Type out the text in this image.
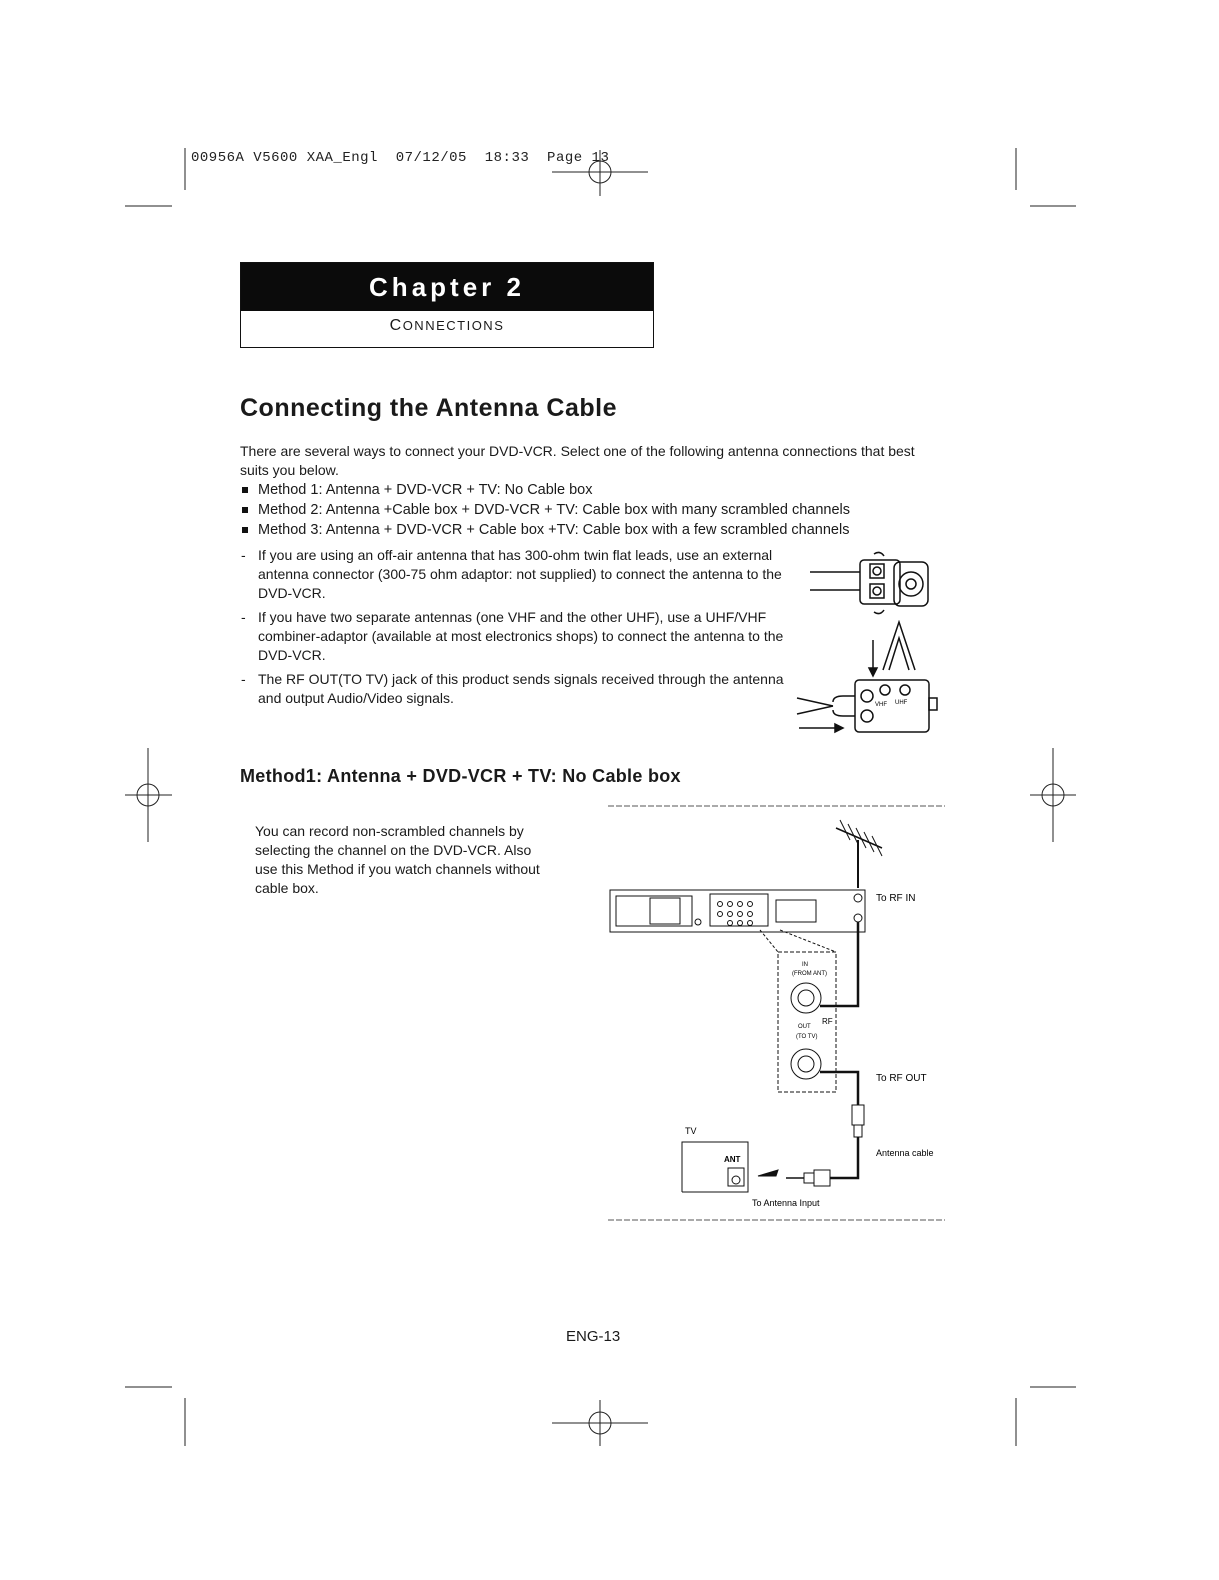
00956A V5600 XAA_Engl  07/12/05  18:33  Page 13
Chapter 2
CONNECTIONS
Connecting the Antenna Cable
There are several ways to connect your DVD-VCR. Select one of the following antenna connections that best suits you below.
Method 1: Antenna + DVD-VCR + TV: No Cable box
Method 2: Antenna +Cable box + DVD-VCR + TV: Cable box with many scrambled channels
Method 3: Antenna + DVD-VCR + Cable box +TV: Cable box with a few scrambled channels
- If you are using an off-air antenna that has 300-ohm twin flat leads, use an external antenna connector (300-75 ohm adaptor: not supplied) to connect the antenna to the DVD-VCR.
- If you have two separate antennas (one VHF and the other UHF), use a UHF/VHF combiner-adaptor (available at most electronics shops) to connect the antenna to the DVD-VCR.
- The RF OUT(TO TV) jack of this product sends signals received through the antenna and output Audio/Video signals.	VHF UHF
Method1: Antenna + DVD-VCR + TV: No Cable box
You can record non-scrambled channels by selecting the channel on the DVD-VCR. Also use this Method if you watch channels without cable box.
To RF IN
To RF OUT
Antenna cable
To Antenna Input
TV
ANT
IN
(FROM ANT)
OUT
(TO TV)
RF
ENG-13
